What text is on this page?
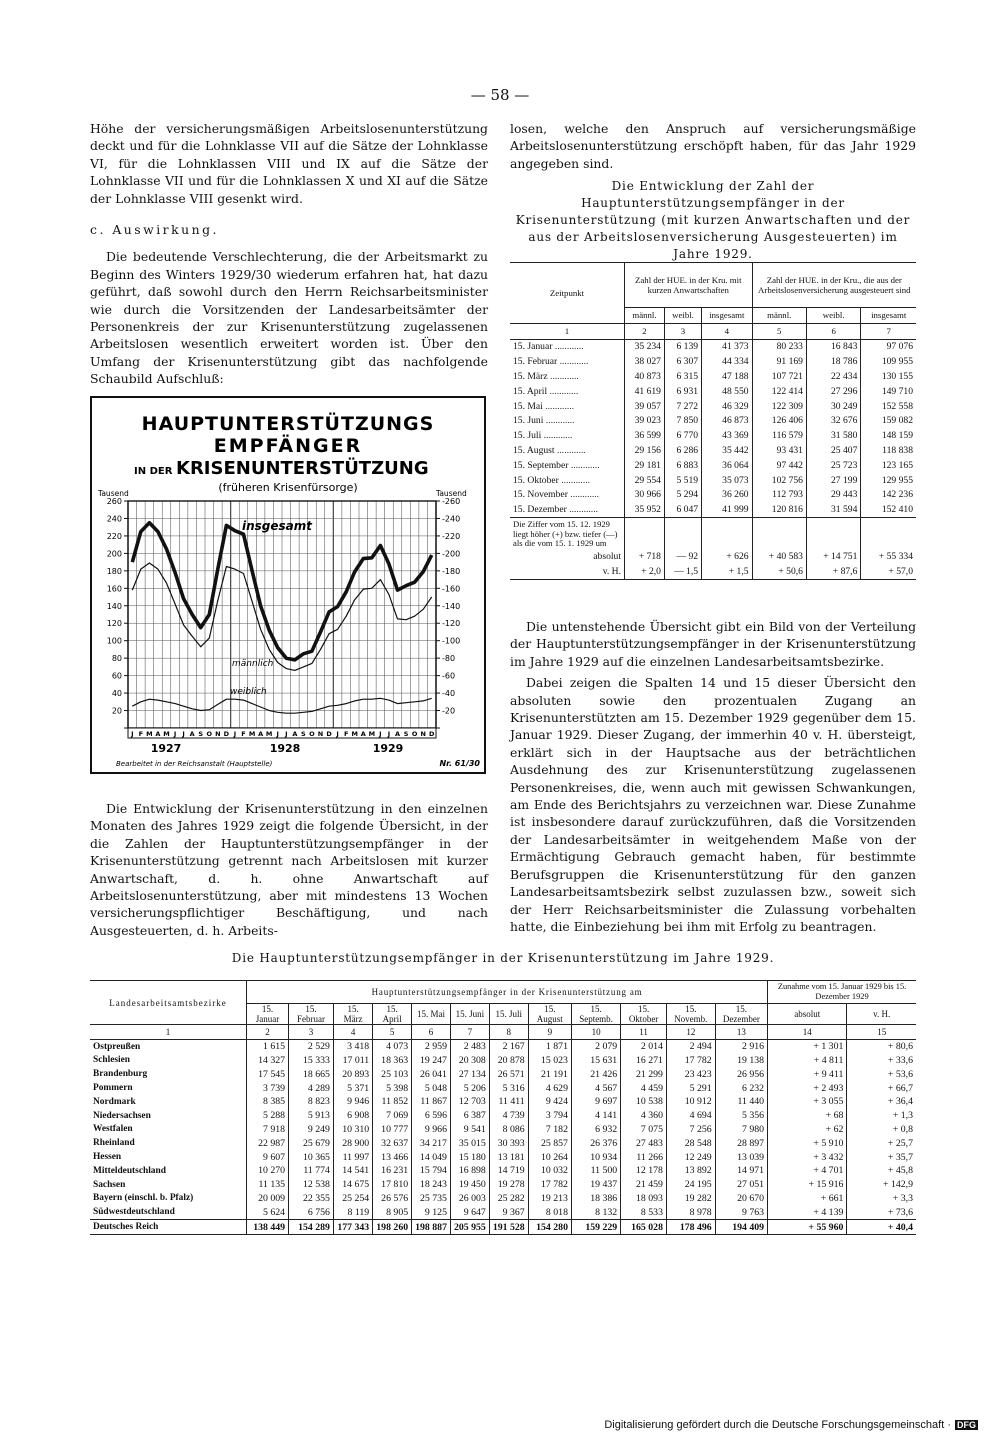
— 58 —

Höhe der versicherungsmäßigen Arbeitslosenunterstützung deckt und für die Lohnklasse VII auf die Sätze der Lohnklasse VI, für die Lohnklassen VIII und IX auf die Sätze der Lohnklasse VII und für die Lohnklassen X und XI auf die Sätze der Lohnklasse VIII gesenkt wird.

c. Auswirkung.

Die bedeutende Verschlechterung, die der Arbeitsmarkt zu Beginn des Winters 1929/30 wiederum erfahren hat, hat dazu geführt, daß sowohl durch den Herrn Reichsarbeitsminister wie durch die Vorsitzenden der Landesarbeitsämter der Personenkreis der zur Krisenunterstützung zugelassenen Arbeitslosen wesentlich erweitert worden ist. Über den Umfang der Krisenunterstützung gibt das nachfolgende Schaubild Aufschluß:

HAUPTUNTERSTÜTZUNGS
EMPFÄNGER
IN DER KRISENUNTERSTÜTZUNG
(früheren Krisenfürsorge)
Tausend	Tausend
20	-20
40	-40
60	-60
80	-80
100	-100
120	-120
140	-140
160	-160
180	-180
200	-200
220	-220
240	-240
260	-260
J F M A M J J A S O N D J F M A M J J A S O N D J F M A M J J A S O N D
insgesamt
männlich
weiblich
1927	1928	1929
Bearbeitet in der Reichsanstalt (Hauptstelle)	Nr. 61/30

Die Entwicklung der Krisenunterstützung in den einzelnen Monaten des Jahres 1929 zeigt die folgende Übersicht, in der die Zahlen der Hauptunterstützungsempfänger in der Krisenunterstützung getrennt nach Arbeitslosen mit kurzer Anwartschaft, d. h. ohne Anwartschaft auf Arbeitslosenunterstützung, aber mit mindestens 13 Wochen versicherungspflichtiger Beschäftigung, und nach Ausgesteuerten, d. h. Arbeits-

losen, welche den Anspruch auf versicherungsmäßige Arbeitslosenunterstützung erschöpft haben, für das Jahr 1929 angegeben sind.

Die Entwicklung der Zahl der Hauptunterstützungsempfänger in der Krisenunterstützung (mit kurzen Anwartschaften und der aus der Arbeitslosenversicherung Ausgesteuerten) im Jahre 1929.

Zeitpunkt	Zahl der HUE. in der Kru. mit kurzen Anwartschaften			Zahl der HUE. in der Kru., die aus der Arbeitslosenversicherung ausgesteuert sind		
	männl.	weibl.	insgesamt	männl.	weibl.	insgesamt
1	2	3	4	5	6	7
15. Januar ............	35 234	6 139	41 373	80 233	16 843	97 076
15. Februar ............	38 027	6 307	44 334	91 169	18 786	109 955
15. März ............	40 873	6 315	47 188	107 721	22 434	130 155
15. April ............	41 619	6 931	48 550	122 414	27 296	149 710
15. Mai ............	39 057	7 272	46 329	122 309	30 249	152 558
15. Juni ............	39 023	7 850	46 873	126 406	32 676	159 082
15. Juli ............	36 599	6 770	43 369	116 579	31 580	148 159
15. August ............	29 156	6 286	35 442	93 431	25 407	118 838
15. September ............	29 181	6 883	36 064	97 442	25 723	123 165
15. Oktober ............	29 554	5 519	35 073	102 756	27 199	129 955
15. November ............	30 966	5 294	36 260	112 793	29 443	142 236
15. Dezember ............	35 952	6 047	41 999	120 816	31 594	152 410
Die Ziffer vom 15. 12. 1929 liegt höher (+) bzw. tiefer (—) als die vom 15. 1. 1929 um						
absolut	+ 718	— 92	+ 626	+ 40 583	+ 14 751	+ 55 334
v. H.	+ 2,0	— 1,5	+ 1,5	+ 50,6	+ 87,6	+ 57,0

Die untenstehende Übersicht gibt ein Bild von der Verteilung der Hauptunterstützungsempfänger in der Krisenunterstützung im Jahre 1929 auf die einzelnen Landesarbeitsamtsbezirke.

Dabei zeigen die Spalten 14 und 15 dieser Übersicht den absoluten sowie den prozentualen Zugang an Krisenunterstützten am 15. Dezember 1929 gegenüber dem 15. Januar 1929. Dieser Zugang, der immerhin 40 v. H. übersteigt, erklärt sich in der Hauptsache aus der beträchtlichen Ausdehnung des zur Krisenunterstützung zugelassenen Personenkreises, die, wenn auch mit gewissen Schwankungen, am Ende des Berichtsjahrs zu verzeichnen war. Diese Zunahme ist insbesondere darauf zurückzuführen, daß die Vorsitzenden der Landesarbeitsämter in weitgehendem Maße von der Ermächtigung Gebrauch gemacht haben, für bestimmte Berufsgruppen die Krisenunterstützung für den ganzen Landesarbeitsamtsbezirk selbst zuzulassen bzw., soweit sich der Herr Reichsarbeitsminister die Zulassung vorbehalten hatte, die Einbeziehung bei ihm mit Erfolg zu beantragen.

Die Hauptunterstützungsempfänger in der Krisenunterstützung im Jahre 1929.
Landesarbeitsamtsbezirke	Hauptunterstützungsempfänger in der Krisenunterstützung am												Zunahme vom 15. Januar 1929 bis 15. Dezember 1929	
	15. Januar	15. Februar	15. März	15. April	15. Mai	15. Juni	15. Juli	15. August	15. Septemb.	15. Oktober	15. Novemb.	15. Dezember	absolut	v. H.
1	2	3	4	5	6	7	8	9	10	11	12	13	14	15
Ostpreußen	1 615	2 529	3 418	4 073	2 959	2 483	2 167	1 871	2 079	2 014	2 494	2 916	+ 1 301	+ 80,6
Schlesien	14 327	15 333	17 011	18 363	19 247	20 308	20 878	15 023	15 631	16 271	17 782	19 138	+ 4 811	+ 33,6
Brandenburg	17 545	18 665	20 893	25 103	26 041	27 134	26 571	21 191	21 426	21 299	23 423	26 956	+ 9 411	+ 53,6
Pommern	3 739	4 289	5 371	5 398	5 048	5 206	5 316	4 629	4 567	4 459	5 291	6 232	+ 2 493	+ 66,7
Nordmark	8 385	8 823	9 946	11 852	11 867	12 703	11 411	9 424	9 697	10 538	10 912	11 440	+ 3 055	+ 36,4
Niedersachsen	5 288	5 913	6 908	7 069	6 596	6 387	4 739	3 794	4 141	4 360	4 694	5 356	+ 68	+ 1,3
Westfalen	7 918	9 249	10 310	10 777	9 966	9 541	8 086	7 182	6 932	7 075	7 256	7 980	+ 62	+ 0,8
Rheinland	22 987	25 679	28 900	32 637	34 217	35 015	30 393	25 857	26 376	27 483	28 548	28 897	+ 5 910	+ 25,7
Hessen	9 607	10 365	11 997	13 466	14 049	15 180	13 181	10 264	10 934	11 266	12 249	13 039	+ 3 432	+ 35,7
Mitteldeutschland	10 270	11 774	14 541	16 231	15 794	16 898	14 719	10 032	11 500	12 178	13 892	14 971	+ 4 701	+ 45,8
Sachsen	11 135	12 538	14 675	17 810	18 243	19 450	19 278	17 782	19 437	21 459	24 195	27 051	+ 15 916	+ 142,9
Bayern (einschl. b. Pfalz)	20 009	22 355	25 254	26 576	25 735	26 003	25 282	19 213	18 386	18 093	19 282	20 670	+ 661	+ 3,3
Südwestdeutschland	5 624	6 756	8 119	8 905	9 125	9 647	9 367	8 018	8 132	8 533	8 978	9 763	+ 4 139	+ 73,6
Deutsches Reich	138 449	154 289	177 343	198 260	198 887	205 955	191 528	154 280	159 229	165 028	178 496	194 409	+ 55 960	+ 40,4
Digitalisierung gefördert durch die Deutsche Forschungsgemeinschaft · DFG
